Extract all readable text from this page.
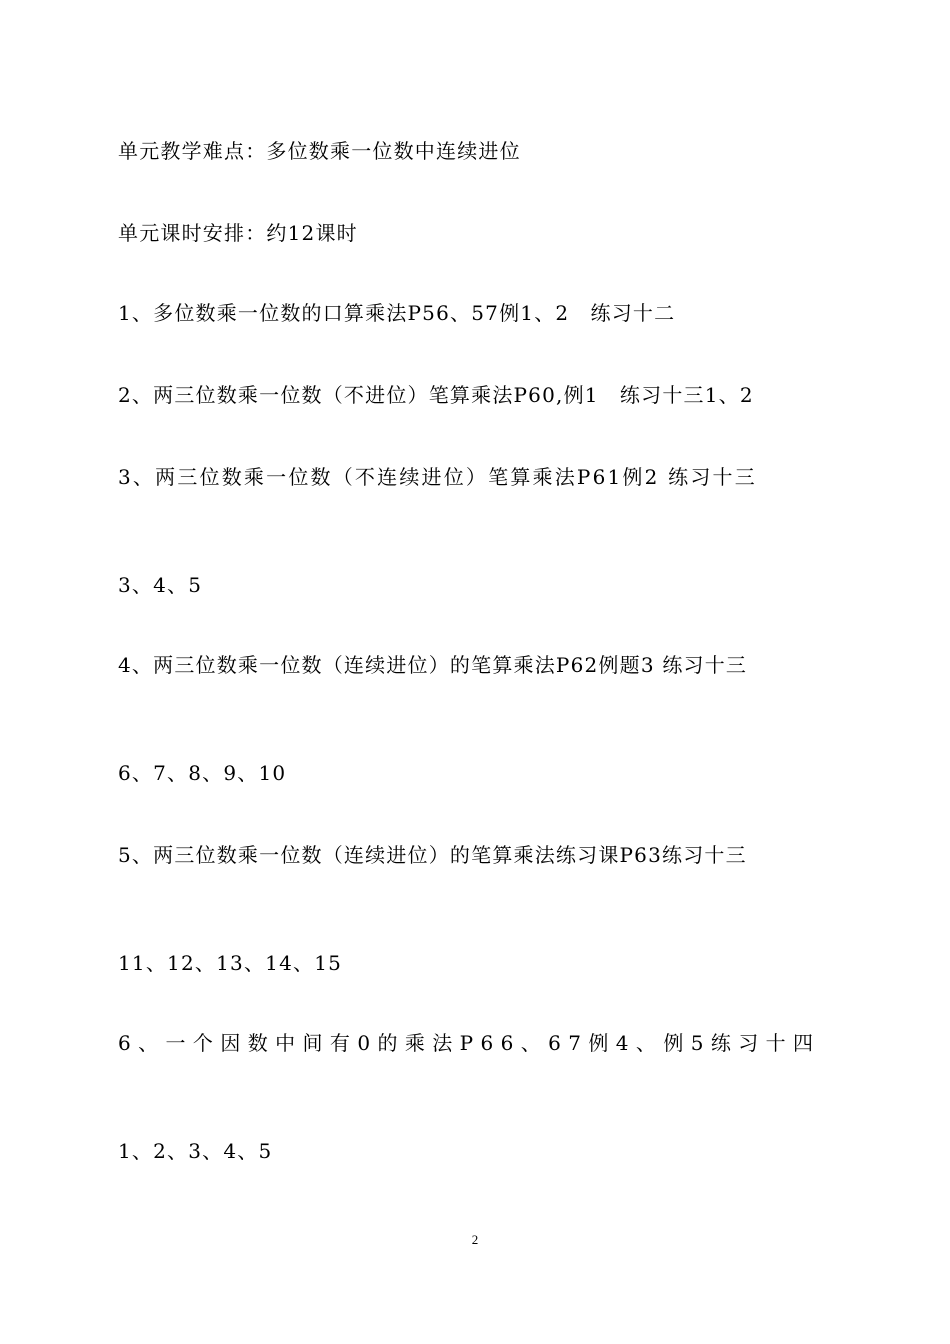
单元教学难点：多位数乘一位数中连续进位
单元课时安排：约12课时
1、多位数乘一位数的口算乘法P56、57例1、2　练习十二
2、两三位数乘一位数（不进位）笔算乘法P60,例1　练习十三1、2
3、两三位数乘一位数（不连续进位）笔算乘法P61例2 练习十三
3、4、5
4、两三位数乘一位数（连续进位）的笔算乘法P62例题3 练习十三
6、7、8、9、10
5、两三位数乘一位数（连续进位）的笔算乘法练习课P63练习十三
11、12、13、14、15
6、一个因数中间有0的乘法P66、67例4、例5练习十四
1、2、3、4、5
2
